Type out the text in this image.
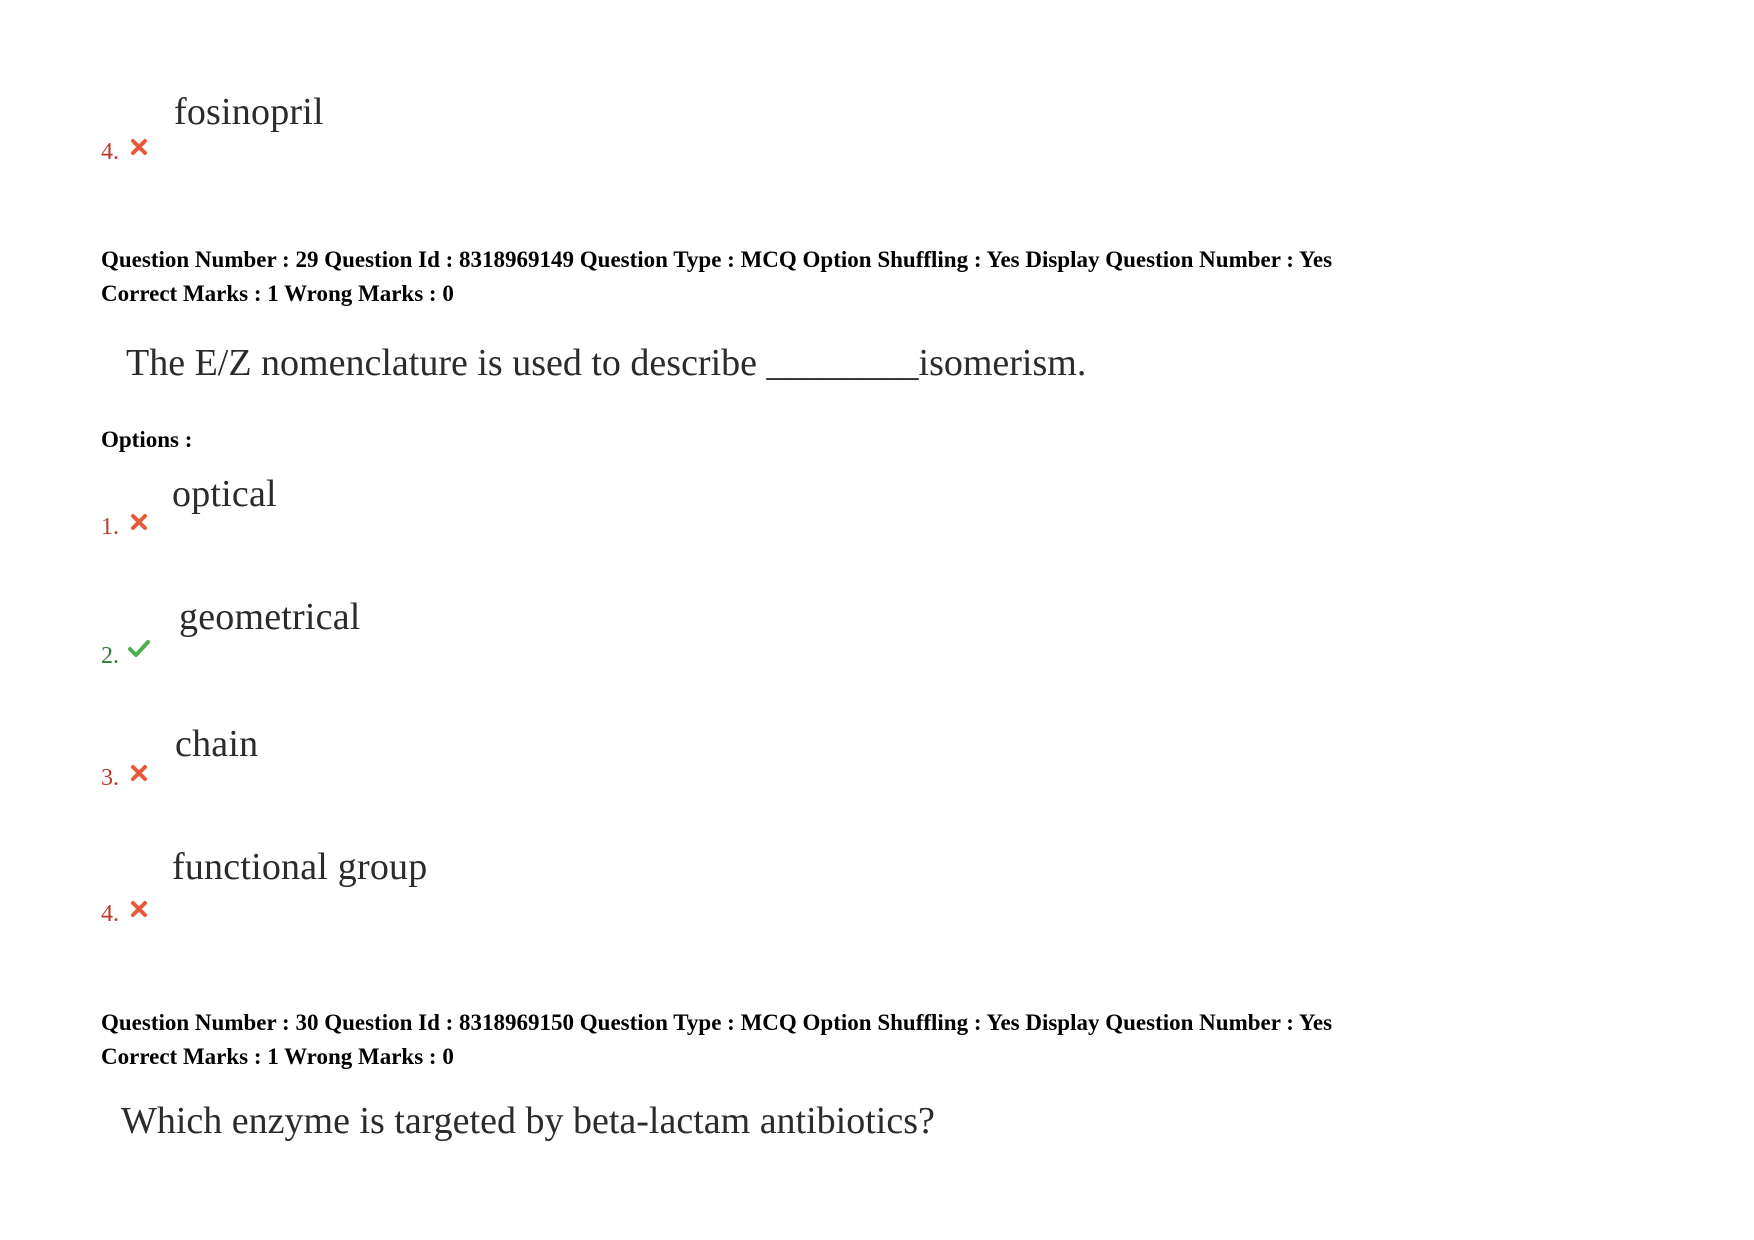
fosinopril
4.
Question Number : 29 Question Id : 8318969149 Question Type : MCQ Option Shuffling : Yes Display Question Number : Yes
Correct Marks : 1 Wrong Marks : 0
The E/Z nomenclature is used to describe ________isomerism.
Options :
optical
1.
geometrical
2.
chain
3.
functional group
4.
Question Number : 30 Question Id : 8318969150 Question Type : MCQ Option Shuffling : Yes Display Question Number : Yes
Correct Marks : 1 Wrong Marks : 0
Which enzyme is targeted by beta-lactam antibiotics?
